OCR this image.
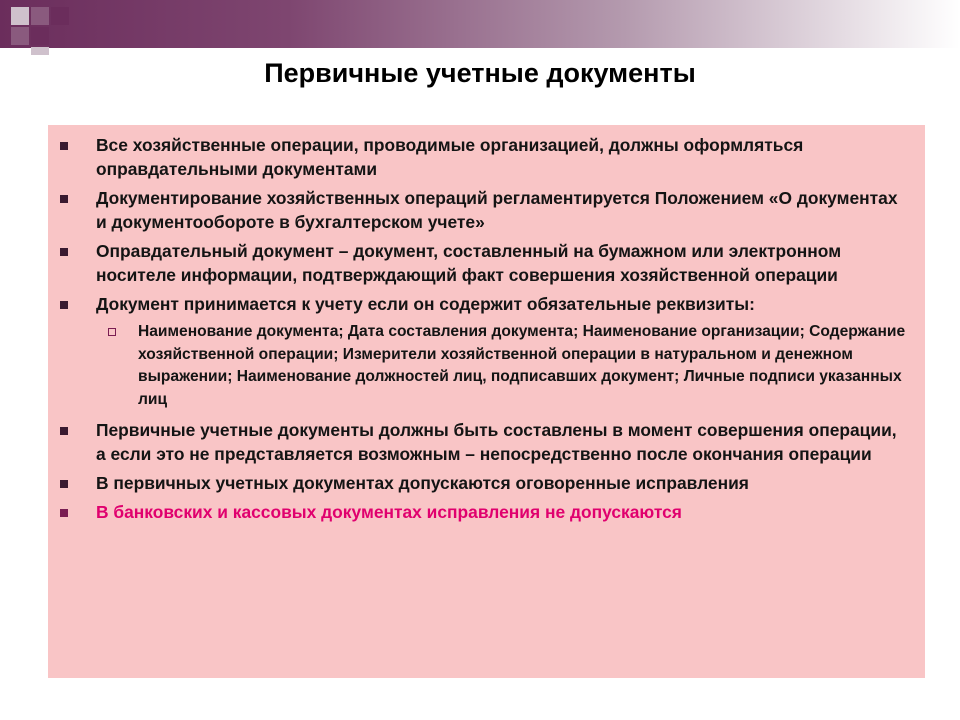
Первичные учетные документы
Все хозяйственные операции, проводимые организацией, должны оформляться оправдательными документами
Документирование хозяйственных операций регламентируется Положением «О документах и документообороте в бухгалтерском учете»
Оправдательный документ – документ, составленный на бумажном или электронном носителе информации, подтверждающий факт совершения хозяйственной операции
Документ принимается к учету если он содержит обязательные реквизиты:
Наименование документа; Дата составления документа; Наименование организации; Содержание хозяйственной операции; Измерители хозяйственной операции в натуральном и денежном выражении; Наименование должностей лиц, подписавших документ; Личные подписи указанных лиц
Первичные учетные документы должны быть составлены в момент совершения операции, а если это не представляется возможным – непосредственно после окончания операции
В первичных учетных документах допускаются оговоренные исправления
В банковских и кассовых документах исправления не допускаются
